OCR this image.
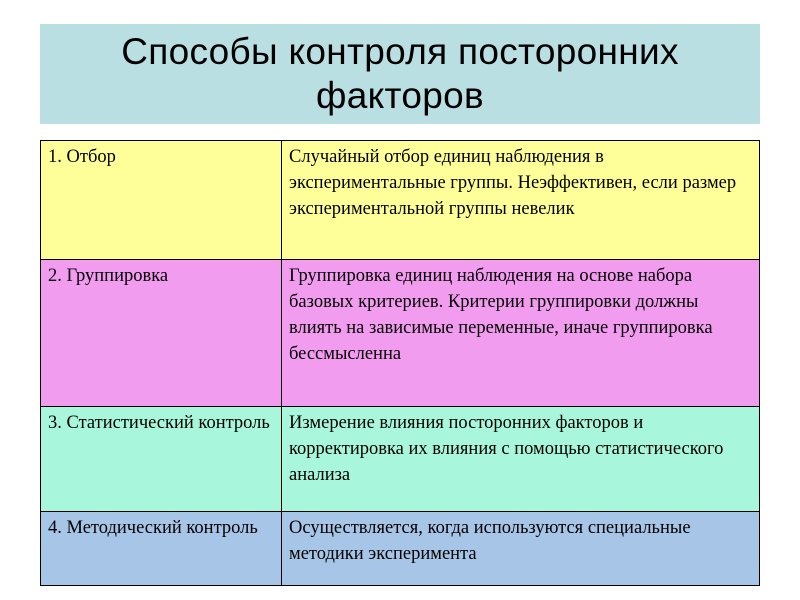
Способы контроля посторонних факторов
1. Отбор	Случайный отбор единиц наблюдения в экспериментальные группы. Неэффективен, если размер экспериментальной группы невелик
2. Группировка	Группировка единиц наблюдения на основе набора базовых критериев. Критерии группировки должны влиять на зависимые переменные, иначе группировка бессмысленна
3. Статистический контроль	Измерение влияния посторонних факторов и корректировка их влияния с помощью статистического анализа
4. Методический контроль	Осуществляется, когда используются специальные методики эксперимента
